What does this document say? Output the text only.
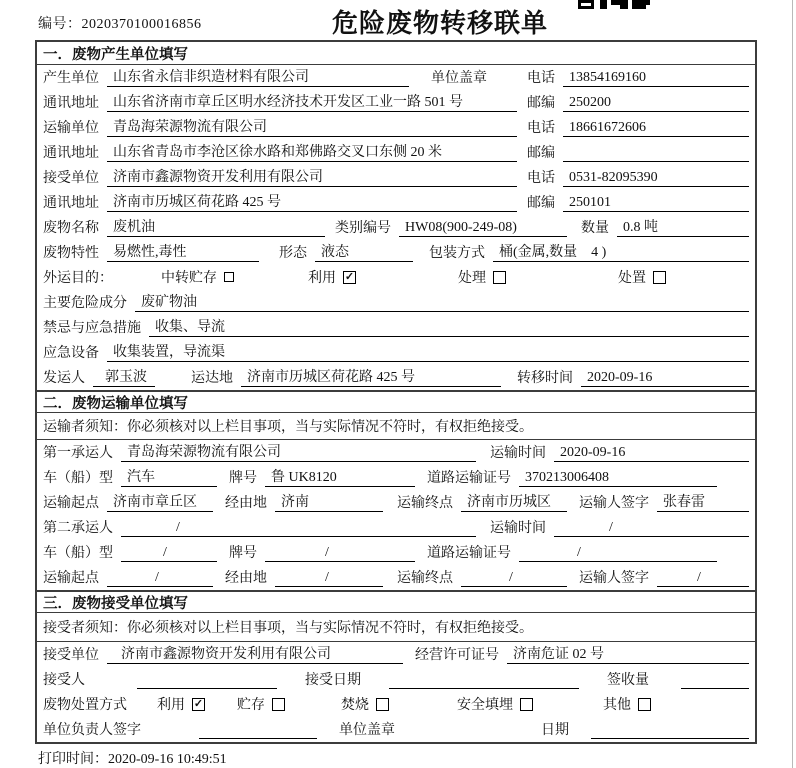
编号：2020370100016856	危险废物转移联单
一．废物产生单位填写
产生单位	山东省永信非织造材料有限公司	单位盖章	电话	13854169160
通讯地址	山东省济南市章丘区明水经济技术开发区工业一路 501 号	邮编	250200
运输单位	青岛海荣源物流有限公司	电话	18661672606
通讯地址	山东省青岛市李沧区徐水路和郑佛路交叉口东侧 20 米	邮编
接受单位	济南市鑫源物资开发利用有限公司	电话	0531-82095390
通讯地址	济南市历城区荷花路 425 号	邮编	250101
废物名称	废机油	类别编号	HW08(900-249-08)	数量	0.8 吨
废物特性	易燃性,毒性	形态	液态	包装方式	桶(金属,数量　4 )
外运目的：	中转贮存	利用 ✓	处理	处置
主要危险成分	废矿物油
禁忌与应急措施	收集、导流
应急设备	收集装置，导流渠
发运人	郭玉波	运达地	济南市历城区荷花路 425 号	转移时间	2020-09-16
二．废物运输单位填写
运输者须知：你必须核对以上栏目事项，当与实际情况不符时，有权拒绝接受。
第一承运人	青岛海荣源物流有限公司	运输时间	2020-09-16
车（船）型	汽车	牌号	鲁 UK8120	道路运输证号	370213006408
运输起点	济南市章丘区	经由地	济南	运输终点	济南市历城区	运输人签字	张春雷
第二承运人	/	运输时间	/
车（船）型	/	牌号	/	道路运输证号	/
运输起点	/	经由地	/	运输终点	/	运输人签字	/
三．废物接受单位填写
接受者须知：你必须核对以上栏目事项，当与实际情况不符时，有权拒绝接受。
接受单位	济南市鑫源物资开发利用有限公司	经营许可证号	济南危证 02 号
接受人	接受日期	签收量
废物处置方式	利用 ✓ 贮存	焚烧	安全填埋	其他
单位负责人签字	单位盖章	日期
打印时间：2020-09-16 10:49:51
